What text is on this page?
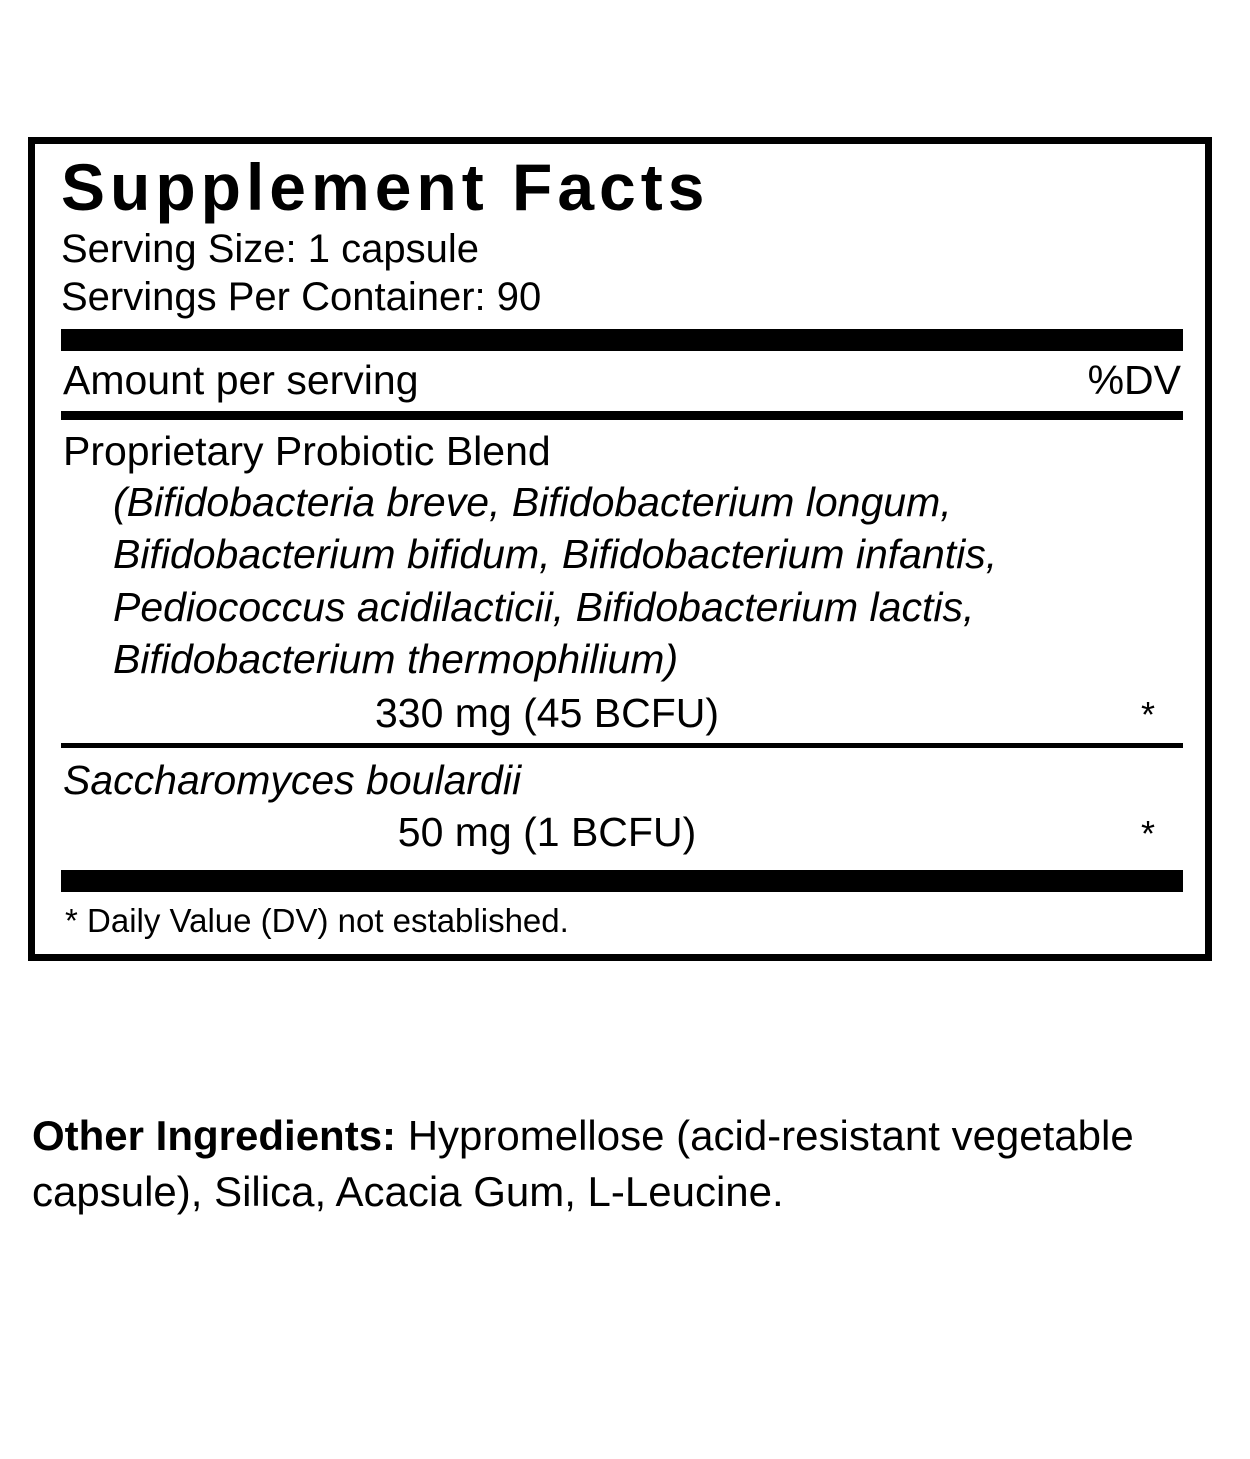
Supplement Facts
Serving Size: 1 capsule
Servings Per Container: 90
Amount per serving	%DV
Proprietary Probiotic Blend
(Bifidobacteria breve, Bifidobacterium longum, Bifidobacterium bifidum, Bifidobacterium infantis, Pediococcus acidilacticii, Bifidobacterium lactis, Bifidobacterium thermophilium)
330 mg (45 BCFU)	*
Saccharomyces boulardii
50 mg (1 BCFU)	*
* Daily Value (DV) not established.
Other Ingredients: Hypromellose (acid-resistant vegetable capsule), Silica, Acacia Gum, L-Leucine.
